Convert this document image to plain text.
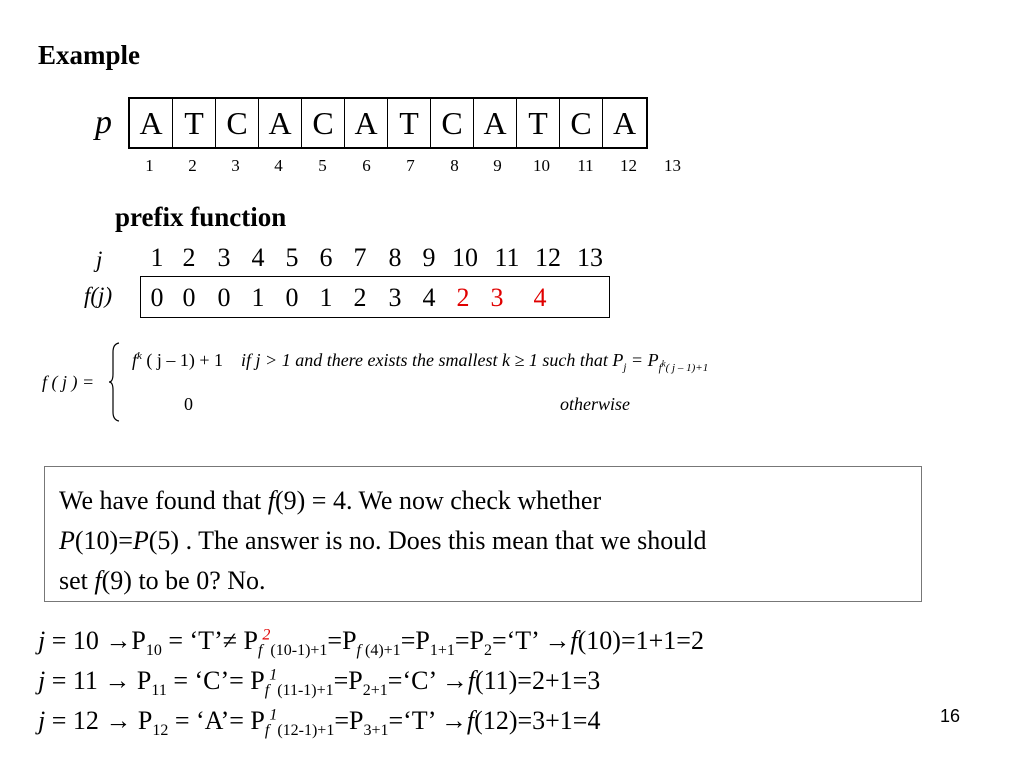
Example
p A T C A C A T C A T C A
1	2	3	4	5	6	7	8	9	10	11	12	13
prefix function
j
f(j)
1 2 3 4 5 6 7 8 9 10 11 12 13
0 0 0 1 0 1 2 3 4 2 3 4
f ( j ) =
$f^k$ ( j – 1) + 1 if j > 1 and there exists the smallest k ≥ 1 such that $P_j = P_{f^k( j - 1)+1}$
0	otherwise
We have found that f(9) = 4. We now check whether
P(10)=P(5) . The answer is no. Does this mean that we should
set f(9) to be 0? No.
$j = 10 \to P_{10}$ = ‘T’≠ $P_f^2_{(10-1)+1}=P_{f (4)+1}=P_{1+1}=P_2=‘T$’ →f(10)=1+1=2
$j = 11 \to P_{11}$ = ‘C’= $P_f^1_{(11-1)+1}=P_{2+1}=‘C$’ →f(11)=2+1=3
$j = 12 \to P_{12}$ = ‘A’= $P_f^1_{(12-1)+1}=P_{3+1}=‘T$’ →f(12)=3+1=4	16
